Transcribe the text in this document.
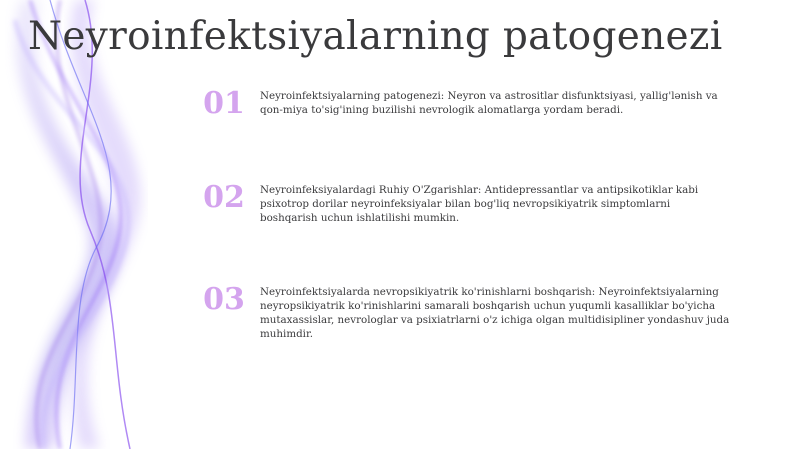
Neyroinfektsiyalarning patogenezi
01	Neyroinfektsiyalarning patogenezi: Neyron va astrositlar disfunktsiyasi, yallig'lənish va qon-miya to'sig'ining buzilishi nevrologik alomatlarga yordam beradi.
02	Neyroinfeksiyalardagi Ruhiy O'Zgarishlar: Antidepressantlar va antipsikotiklar kabi psixotrop dorilar neyroinfeksiyalar bilan bog'liq nevropsikiyatrik simptomlarni boshqarish uchun ishlatilishi mumkin.
03	Neyroinfektsiyalarda nevropsikiyatrik ko'rinishlarni boshqarish: Neyroinfektsiyalarning neyropsikiyatrik ko'rinishlarini samarali boshqarish uchun yuqumli kasalliklar bo'yicha mutaxassislar, nevrologlar va psixiatrlarni o'z ichiga olgan multidisipliner yondashuv juda muhimdir.
